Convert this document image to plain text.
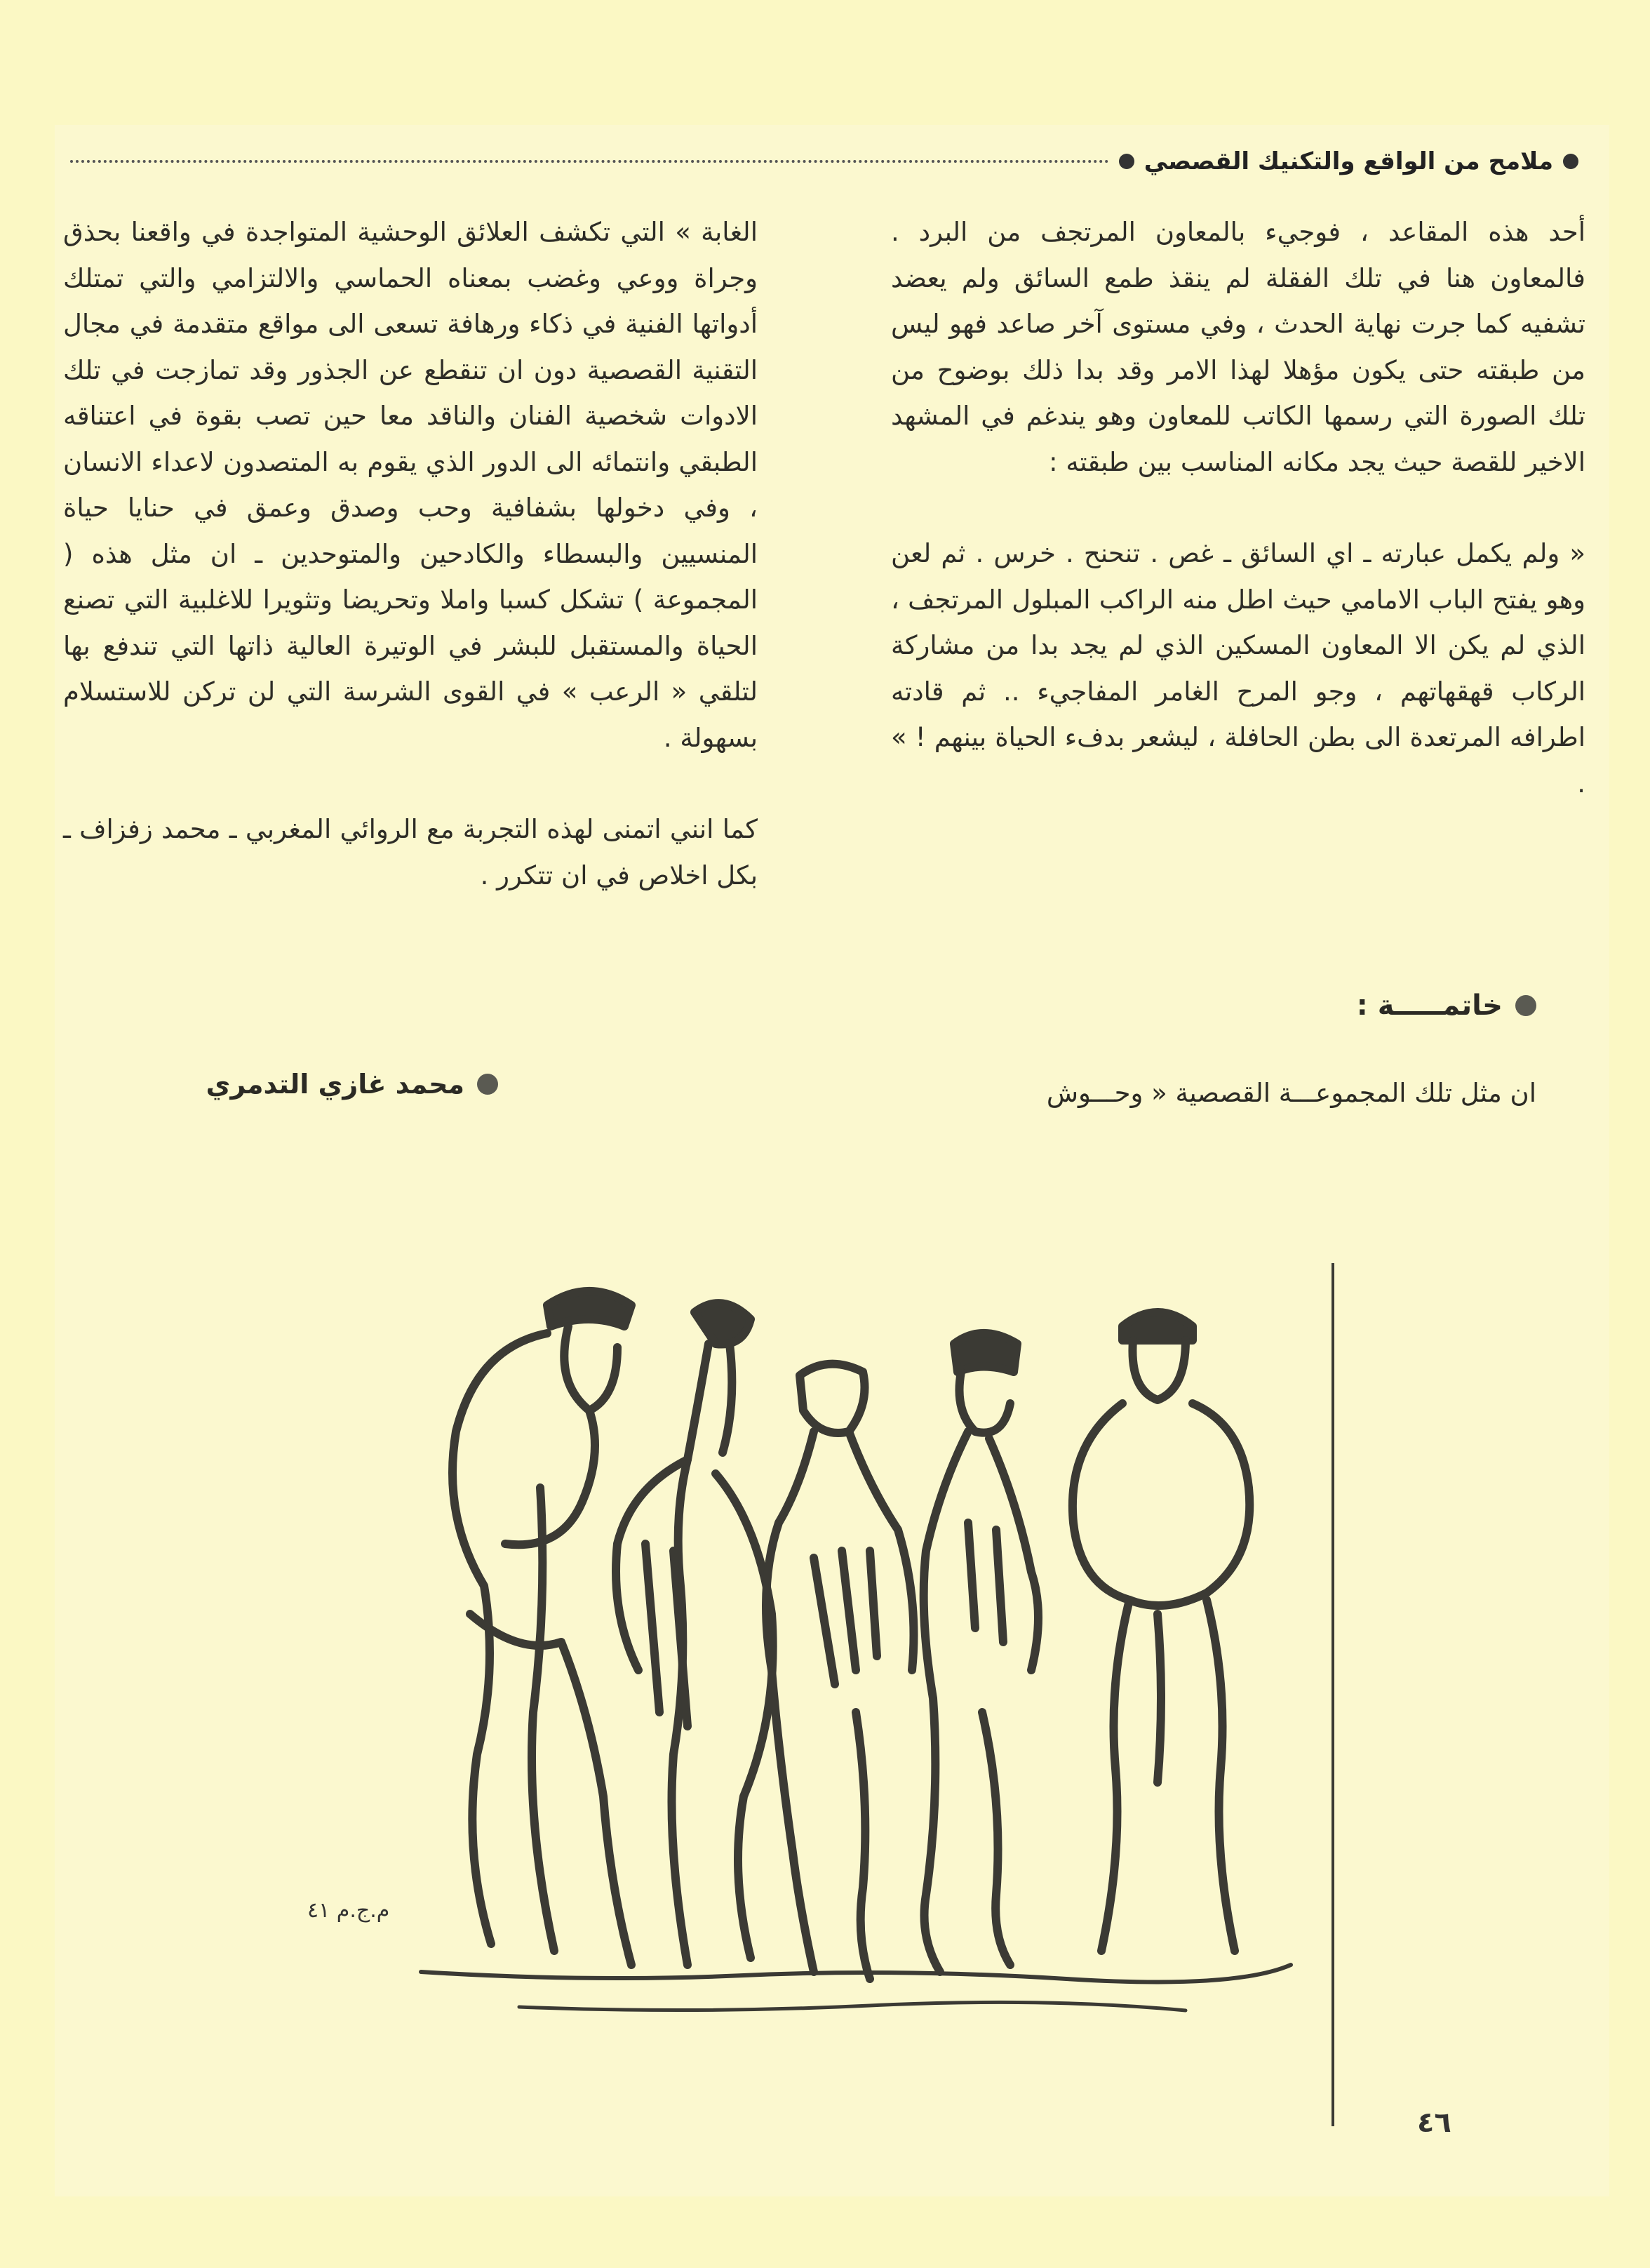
ملامح من الواقع والتكنيك القصصي

أحد هذه المقاعد ، فوجيء بالمعاون المرتجف من البرد . فالمعاون هنا في تلك الفقلة لم ينقذ طمع السائق ولم يعضد تشفيه كما جرت نهاية الحدث ، وفي مستوى آخر صاعد فهو ليس من طبقته حتى يكون مؤهلا لهذا الامر وقد بدا ذلك بوضوح من تلك الصورة التي رسمها الكاتب للمعاون وهو يندغم في المشهد الاخير للقصة حيث يجد مكانه المناسب بين طبقته :

« ولم يكمل عبارته ـ اي السائق ـ غص . تنحنح . خرس . ثم لعن وهو يفتح الباب الامامي حيث اطل منه الراكب المبلول المرتجف ، الذي لم يكن الا المعاون المسكين الذي لم يجد بدا من مشاركة الركاب قهقهاتهم ، وجو المرح الغامر المفاجيء .. ثم قادته اطرافه المرتعدة الى بطن الحافلة ، ليشعر بدفء الحياة بينهم ! » .

خاتمـــــة :
ان مثل تلك المجموعـــة القصصية « وحـــوش

الغابة » التي تكشف العلائق الوحشية المتواجدة في واقعنا بحذق وجراة ووعي وغضب بمعناه الحماسي والالتزامي والتي تمتلك أدواتها الفنية في ذكاء ورهافة تسعى الى مواقع متقدمة في مجال التقنية القصصية دون ان تنقطع عن الجذور وقد تمازجت في تلك الادوات شخصية الفنان والناقد معا حين تصب بقوة في اعتناقه الطبقي وانتمائه الى الدور الذي يقوم به المتصدون لاعداء الانسان ، وفي دخولها بشفافية وحب وصدق وعمق في حنايا حياة المنسيين والبسطاء والكادحين والمتوحدين ـ ان مثل هذه ( المجموعة ) تشكل كسبا واملا وتحريضا وتثويرا للاغلبية التي تصنع الحياة والمستقبل للبشر في الوتيرة العالية ذاتها التي تندفع بها لتلقي « الرعب » في القوى الشرسة التي لن تركن للاستسلام بسهولة .

كما انني اتمنى لهذه التجربة مع الروائي المغربي ـ محمد زفزاف ـ بكل اخلاص في ان تتكرر .

محمد غازي التدمري
م.ج.م ٤١
٤٦
